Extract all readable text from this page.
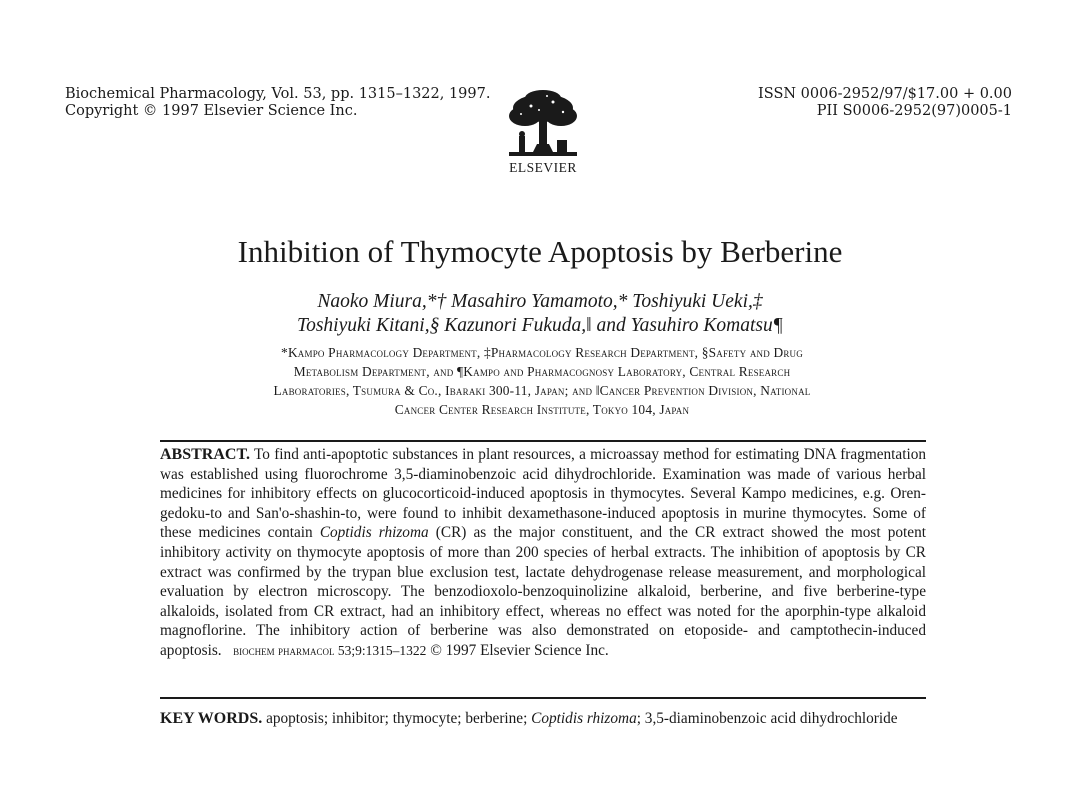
Biochemical Pharmacology, Vol. 53, pp. 1315–1322, 1997.
Copyright © 1997 Elsevier Science Inc.
ELSEVIER
ISSN 0006-2952/97/$17.00 + 0.00
PII S0006-2952(97)0005-1
Inhibition of Thymocyte Apoptosis by Berberine
Naoko Miura,*† Masahiro Yamamoto,* Toshiyuki Ueki,‡
Toshiyuki Kitani,§ Kazunori Fukuda,‖ and Yasuhiro Komatsu¶
*Kampo Pharmacology Department, ‡Pharmacology Research Department, §Safety and Drug
Metabolism Department, and ¶Kampo and Pharmacognosy Laboratory, Central Research
Laboratories, Tsumura & Co., Ibaraki 300-11, Japan; and ‖Cancer Prevention Division, National
Cancer Center Research Institute, Tokyo 104, Japan
ABSTRACT. To find anti-apoptotic substances in plant resources, a microassay method for estimating DNA fragmentation was established using fluorochrome 3,5-diaminobenzoic acid dihydrochloride. Examination was made of various herbal medicines for inhibitory effects on glucocorticoid-induced apoptosis in thymocytes. Several Kampo medicines, e.g. Oren-gedoku-to and San'o-shashin-to, were found to inhibit dexamethasone-induced apoptosis in murine thymocytes. Some of these medicines contain Coptidis rhizoma (CR) as the major constituent, and the CR extract showed the most potent inhibitory activity on thymocyte apoptosis of more than 200 species of herbal extracts. The inhibition of apoptosis by CR extract was confirmed by the trypan blue exclusion test, lactate dehydrogenase release measurement, and morphological evaluation by electron microscopy. The benzodioxolo-benzoquinolizine alkaloid, berberine, and five berberine-type alkaloids, isolated from CR extract, had an inhibitory effect, whereas no effect was noted for the aporphin-type alkaloid magnoflorine. The inhibitory action of berberine was also demonstrated on etoposide- and camptothecin-induced apoptosis. biochem pharmacol 53;9:1315–1322 © 1997 Elsevier Science Inc.
KEY WORDS. apoptosis; inhibitor; thymocyte; berberine; Coptidis rhizoma; 3,5-diaminobenzoic acid dihydrochloride
